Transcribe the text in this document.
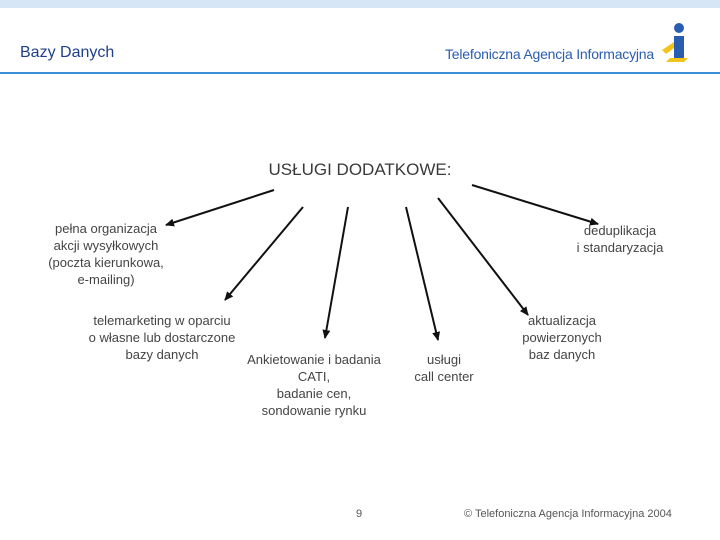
Bazy Danych	Telefoniczna Agencja Informacyjna
USŁUGI DODATKOWE:
pełna organizacja
akcji wysyłkowych
(poczta kierunkowa,
e-mailing)
telemarketing w oparciu
o własne lub dostarczone
bazy danych	Ankietowanie i badania
CATI,
badanie cen,
sondowanie rynku
usługi
call center
aktualizacja
powierzonych
baz danych
deduplikacja
i standaryzacja
9	© Telefoniczna Agencja Informacyjna 2004
